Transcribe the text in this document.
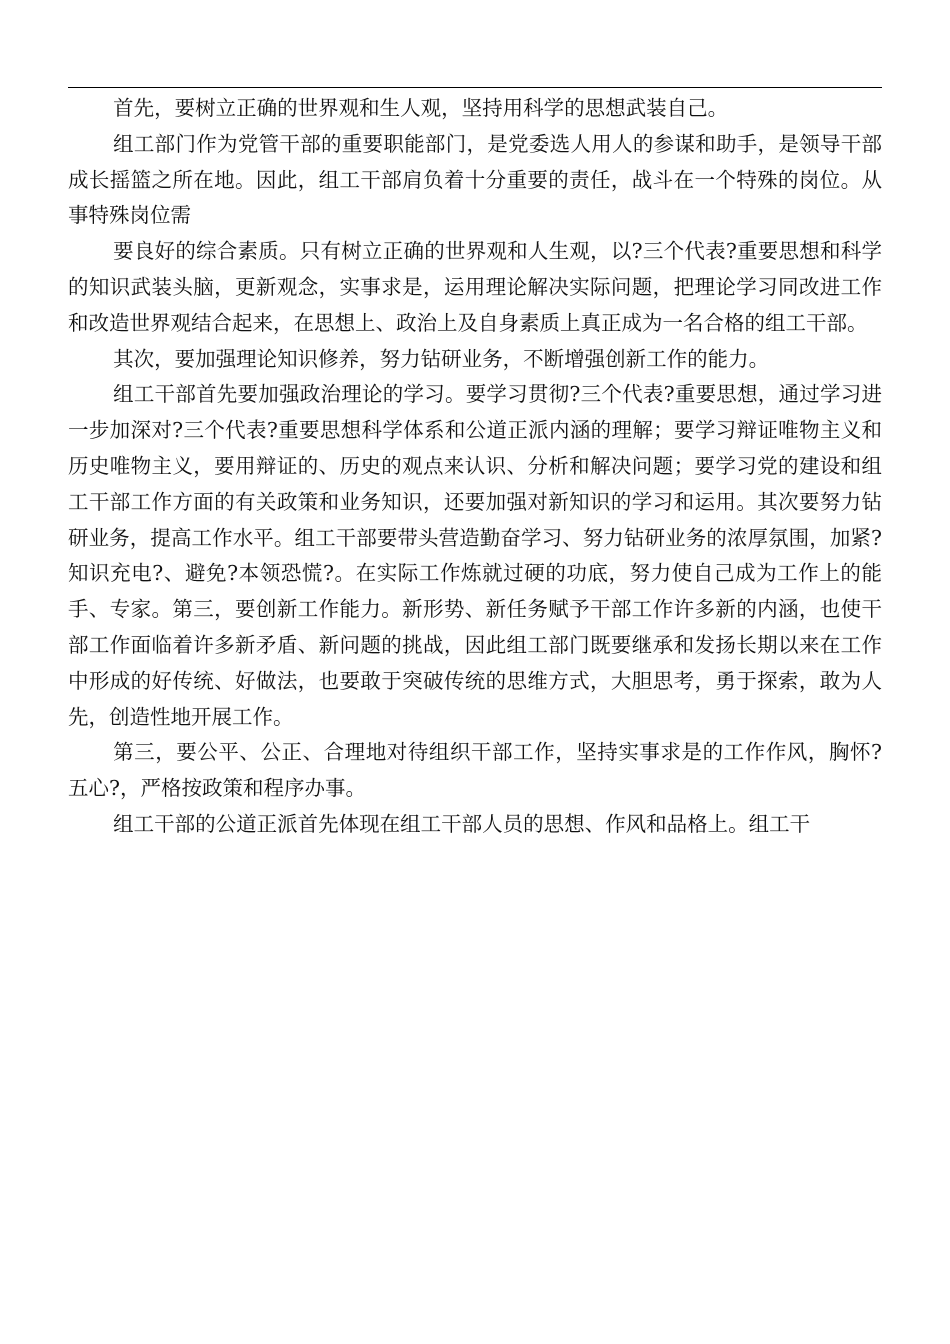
首先，要树立正确的世界观和生人观，坚持用科学的思想武装自己。

组工部门作为党管干部的重要职能部门，是党委选人用人的参谋和助手，是领导干部成长摇篮之所在地。因此，组工干部肩负着十分重要的责任，战斗在一个特殊的岗位。从事特殊岗位需

要良好的综合素质。只有树立正确的世界观和人生观，以?三个代表?重要思想和科学的知识武装头脑，更新观念，实事求是，运用理论解决实际问题，把理论学习同改进工作和改造世界观结合起来，在思想上、政治上及自身素质上真正成为一名合格的组工干部。

其次，要加强理论知识修养，努力钻研业务，不断增强创新工作的能力。

组工干部首先要加强政治理论的学习。要学习贯彻?三个代表?重要思想，通过学习进一步加深对?三个代表?重要思想科学体系和公道正派内涵的理解；要学习辩证唯物主义和历史唯物主义，要用辩证的、历史的观点来认识、分析和解决问题；要学习党的建设和组工干部工作方面的有关政策和业务知识，还要加强对新知识的学习和运用。其次要努力钻研业务，提高工作水平。组工干部要带头营造勤奋学习、努力钻研业务的浓厚氛围，加紧?知识充电?、避免?本领恐慌?。在实际工作炼就过硬的功底，努力使自己成为工作上的能手、专家。第三，要创新工作能力。新形势、新任务赋予干部工作许多新的内涵，也使干部工作面临着许多新矛盾、新问题的挑战，因此组工部门既要继承和发扬长期以来在工作中形成的好传统、好做法，也要敢于突破传统的思维方式，大胆思考，勇于探索，敢为人先，创造性地开展工作。

第三，要公平、公正、合理地对待组织干部工作，坚持实事求是的工作作风，胸怀?五心?，严格按政策和程序办事。

组工干部的公道正派首先体现在组工干部人员的思想、作风和品格上。组工干
